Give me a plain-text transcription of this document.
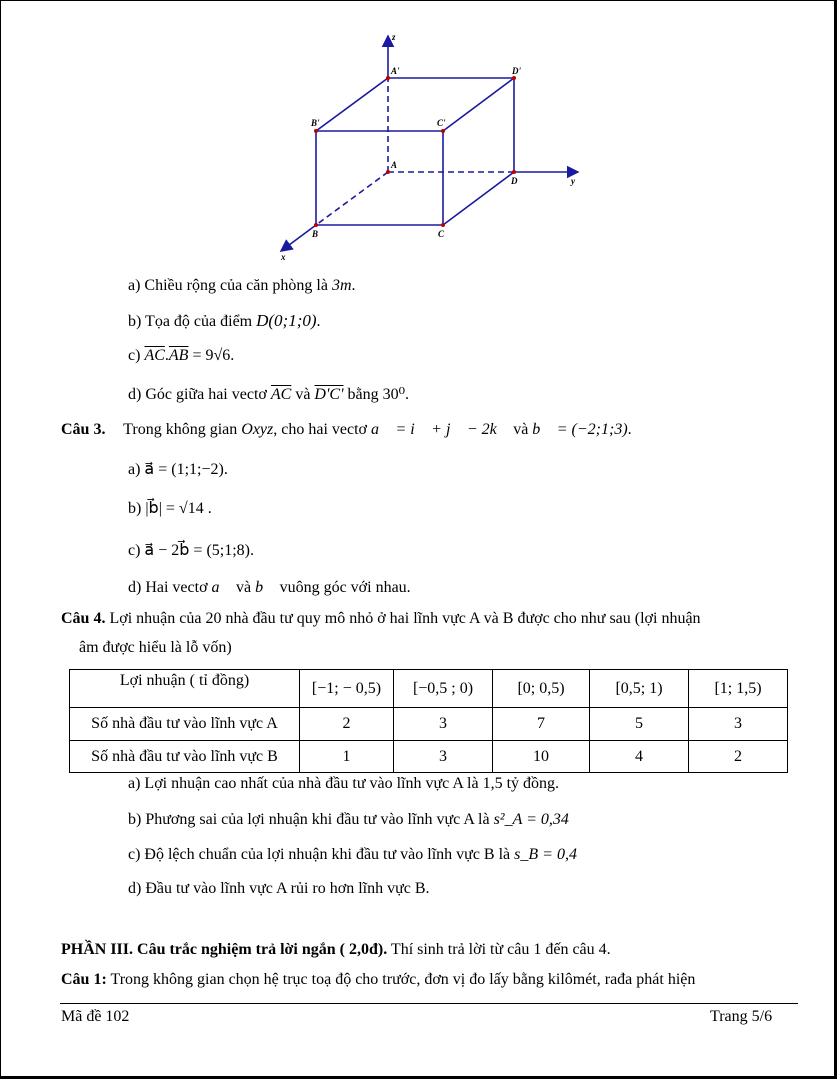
z
y
x
A'	D'
B'	C'
A
D
B	C
a) Chiều rộng của căn phòng là 3m.
b) Tọa độ của điểm D(0;1;0).
c) $\overline{AC}.\overline{AB} = 9√6$.
d) Góc giữa hai vectơ $\overline{AC}$ và D'C' bằng 30⁰.
Câu 3. Trong không gian Oxyz, cho hai vectơ a⃗ = i⃗ + j⃗ − 2k⃗ và b⃗ = (−2;1;3).
a) a⃗ = (1;1;−2).
b) |b⃗| = √14 .
c) a⃗ − 2b⃗ = (5;1;8).
d) Hai vectơ a⃗ và b⃗ vuông góc với nhau.
Câu 4. Lợi nhuận của 20 nhà đầu tư quy mô nhỏ ở hai lĩnh vực A và B được cho như sau (lợi nhuận
âm được hiểu là lỗ vốn)
Lợi nhuận ( tỉ đồng)	[−1; − 0,5)	[−0,5 ; 0)	[0; 0,5)	[0,5; 1)	[1; 1,5)
Số nhà đầu tư vào lĩnh vực A	2	3	7	5	3
Số nhà đầu tư vào lĩnh vực B	1	3	10	4	2
a) Lợi nhuận cao nhất của nhà đầu tư vào lĩnh vực A là 1,5 tỷ đồng.
b) Phương sai của lợi nhuận khi đầu tư vào lĩnh vực A là s²_A = 0,34
c) Độ lệch chuẩn của lợi nhuận khi đầu tư vào lĩnh vực B là s_B = 0,4
d) Đầu tư vào lĩnh vực A rủi ro hơn lĩnh vực B.
PHẦN III. Câu trắc nghiệm trả lời ngắn ( 2,0đ). Thí sinh trả lời từ câu 1 đến câu 4.
Câu 1: Trong không gian chọn hệ trục toạ độ cho trước, đơn vị đo lấy bằng kilômét, rađa phát hiện
Mã đề 102	Trang 5/6
